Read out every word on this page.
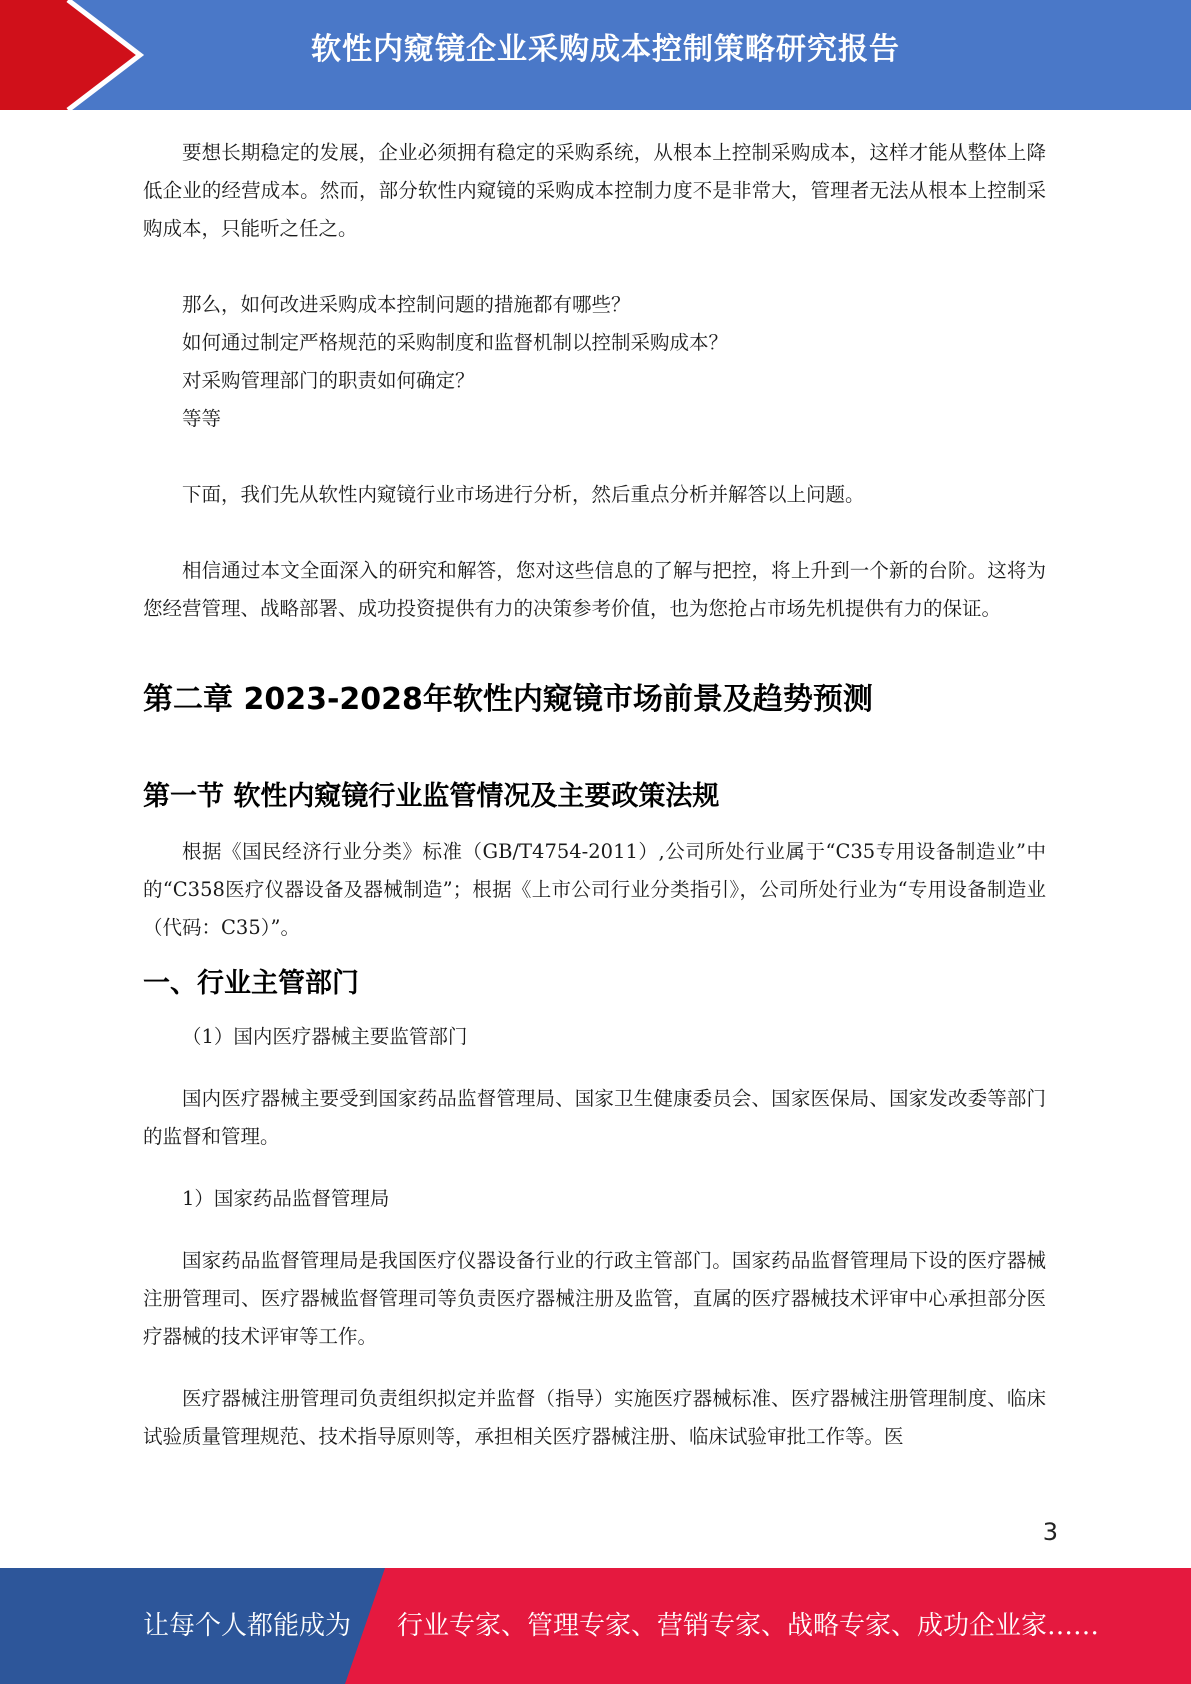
软性内窥镜企业采购成本控制策略研究报告

要想长期稳定的发展，企业必须拥有稳定的采购系统，从根本上控制采购成本，这样才能从整体上降低企业的经营成本。然而，部分软性内窥镜的采购成本控制力度不是非常大，管理者无法从根本上控制采购成本，只能听之任之。

那么，如何改进采购成本控制问题的措施都有哪些？

如何通过制定严格规范的采购制度和监督机制以控制采购成本？

对采购管理部门的职责如何确定？

等等

下面，我们先从软性内窥镜行业市场进行分析，然后重点分析并解答以上问题。

相信通过本文全面深入的研究和解答，您对这些信息的了解与把控，将上升到一个新的台阶。这将为您经营管理、战略部署、成功投资提供有力的决策参考价值，也为您抢占市场先机提供有力的保证。

第二章 2023-2028年软性内窥镜市场前景及趋势预测
第一节 软性内窥镜行业监管情况及主要政策法规

根据《国民经济行业分类》标准（GB/T4754-2011）,公司所处行业属于“C35专用设备制造业”中的“C358医疗仪器设备及器械制造”；根据《上市公司行业分类指引》，公司所处行业为“专用设备制造业（代码：C35）”。

一、行业主管部门

（1）国内医疗器械主要监管部门

国内医疗器械主要受到国家药品监督管理局、国家卫生健康委员会、国家医保局、国家发改委等部门的监督和管理。

1）国家药品监督管理局

国家药品监督管理局是我国医疗仪器设备行业的行政主管部门。国家药品监督管理局下设的医疗器械注册管理司、医疗器械监督管理司等负责医疗器械注册及监管，直属的医疗器械技术评审中心承担部分医疗器械的技术评审等工作。

医疗器械注册管理司负责组织拟定并监督（指导）实施医疗器械标准、医疗器械注册管理制度、临床试验质量管理规范、技术指导原则等，承担相关医疗器械注册、临床试验审批工作等。医

3
让每个人都能成为 行业专家、管理专家、营销专家、战略专家、成功企业家……
